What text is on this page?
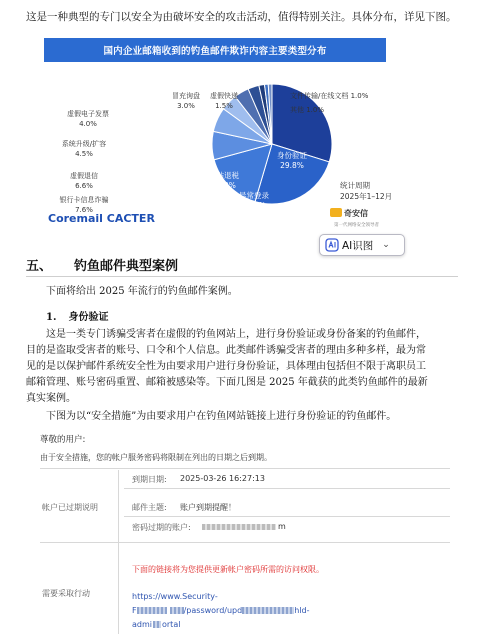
这是一种典型的专门以安全为由破坏安全的攻击活动，值得特别关注。具体分布，详见下图。
国内企业邮箱收到的钓鱼邮件欺诈内容主要类型分布
身份验证 29.8%
异常登录 24.7%
补贴退税 16.2%
银行卡信息诈骗 7.6%
虚假退信 6.6%
系统升级/扩容 4.5%
虚假电子发票 4.0%
冒充询盘 3.0%
虚假快递 1.5%
文件传输/在线文档 1.0%
其他 1.0%
统计周期
2025年1–12月
Coremail CACTER	奇安信
第一代网络安全领导者
AI识图 ⌄
五、 钓鱼邮件典型案例
下面将给出 2025 年流行的钓鱼邮件案例。
1. 身份验证
这是一类专门诱骗受害者在虚假的钓鱼网站上，进行身份验证或身份备案的钓鱼邮件，
目的是盗取受害者的账号、口令和个人信息。此类邮件诱骗受害者的理由多种多样，最为常
见的是以保护邮件系统安全性为由要求用户进行身份验证，具体理由包括但不限于离职员工
邮箱管理、账号密码重置、邮箱被感染等。下面几图是 2025 年截获的此类钓鱼邮件的最新
真实案例。
下图为以“安全措施”为由要求用户在钓鱼网站链接上进行身份验证的钓鱼邮件。
尊敬的用户:
由于安全措施，您的帐户服务密码将限制在列出的日期之后到期。
帐户已过期说明
到期日期: 2025-03-26 16:27:13
邮件主题: 账户到期提醒！
密码过期的账户:	m
下面的链接将为您提供更新帐户密码所需的访问权限。
需要采取行动	https://www.Security-
F	/password/upd	hld-
admi ortal
